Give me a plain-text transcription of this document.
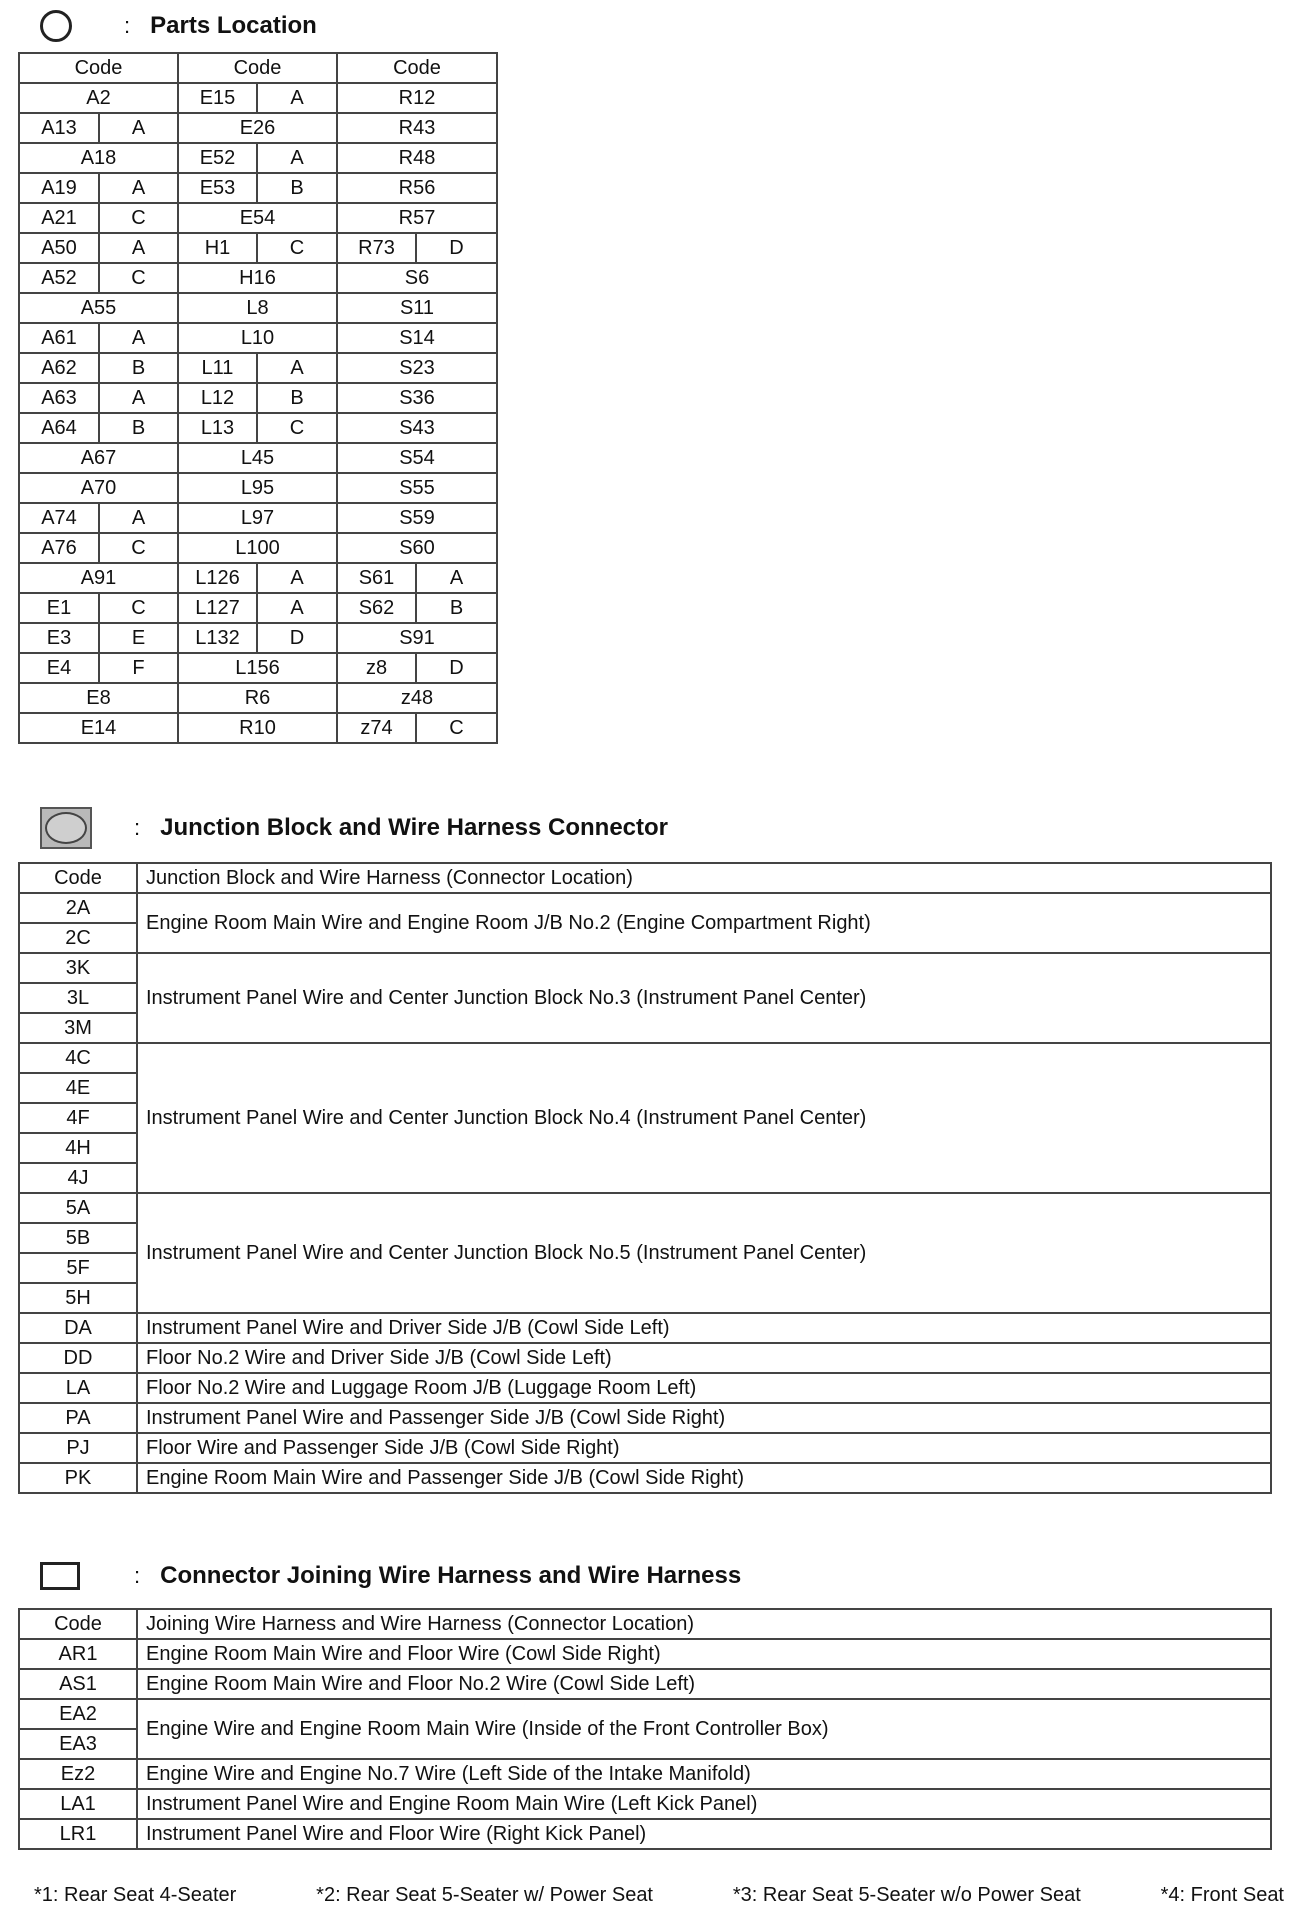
: Parts Location
Code		Code		Code	
A2		E15	A	R12	
A13	A	E26		R43	
A18		E52	A	R48	
A19	A	E53	B	R56	
A21	C	E54		R57	
A50	A	H1	C	R73	D
A52	C	H16		S6	
A55		L8		S11	
A61	A	L10		S14	
A62	B	L11	A	S23	
A63	A	L12	B	S36	
A64	B	L13	C	S43	
A67		L45		S54	
A70		L95		S55	
A74	A	L97		S59	
A76	C	L100		S60	
A91		L126	A	S61	A
E1	C	L127	A	S62	B
E3	E	L132	D	S91	
E4	F	L156		z8	D
E8		R6		z48	
E14		R10		z74	C
: Junction Block and Wire Harness Connector
Code	Junction Block and Wire Harness (Connector Location)
2A	Engine Room Main Wire and Engine Room J/B No.2 (Engine Compartment Right)
2C	
3K	Instrument Panel Wire and Center Junction Block No.3 (Instrument Panel Center)
3L	
3M	
4C	Instrument Panel Wire and Center Junction Block No.4 (Instrument Panel Center)
4E	
4F	
4H	
4J	
5A	Instrument Panel Wire and Center Junction Block No.5 (Instrument Panel Center)
5B	
5F	
5H	
DA	Instrument Panel Wire and Driver Side J/B (Cowl Side Left)
DD	Floor No.2 Wire and Driver Side J/B (Cowl Side Left)
LA	Floor No.2 Wire and Luggage Room J/B (Luggage Room Left)
PA	Instrument Panel Wire and Passenger Side J/B (Cowl Side Right)
PJ	Floor Wire and Passenger Side J/B (Cowl Side Right)
PK	Engine Room Main Wire and Passenger Side J/B (Cowl Side Right)
: Connector Joining Wire Harness and Wire Harness
Code	Joining Wire Harness and Wire Harness (Connector Location)
AR1	Engine Room Main Wire and Floor Wire (Cowl Side Right)
AS1	Engine Room Main Wire and Floor No.2 Wire (Cowl Side Left)
EA2	Engine Wire and Engine Room Main Wire (Inside of the Front Controller Box)
EA3	
Ez2	Engine Wire and Engine No.7 Wire (Left Side of the Intake Manifold)
LA1	Instrument Panel Wire and Engine Room Main Wire (Left Kick Panel)
LR1	Instrument Panel Wire and Floor Wire (Right Kick Panel)
*1: Rear Seat 4-Seater	*2: Rear Seat 5-Seater w/ Power Seat	*3: Rear Seat 5-Seater w/o Power Seat	*4: Front Seat
